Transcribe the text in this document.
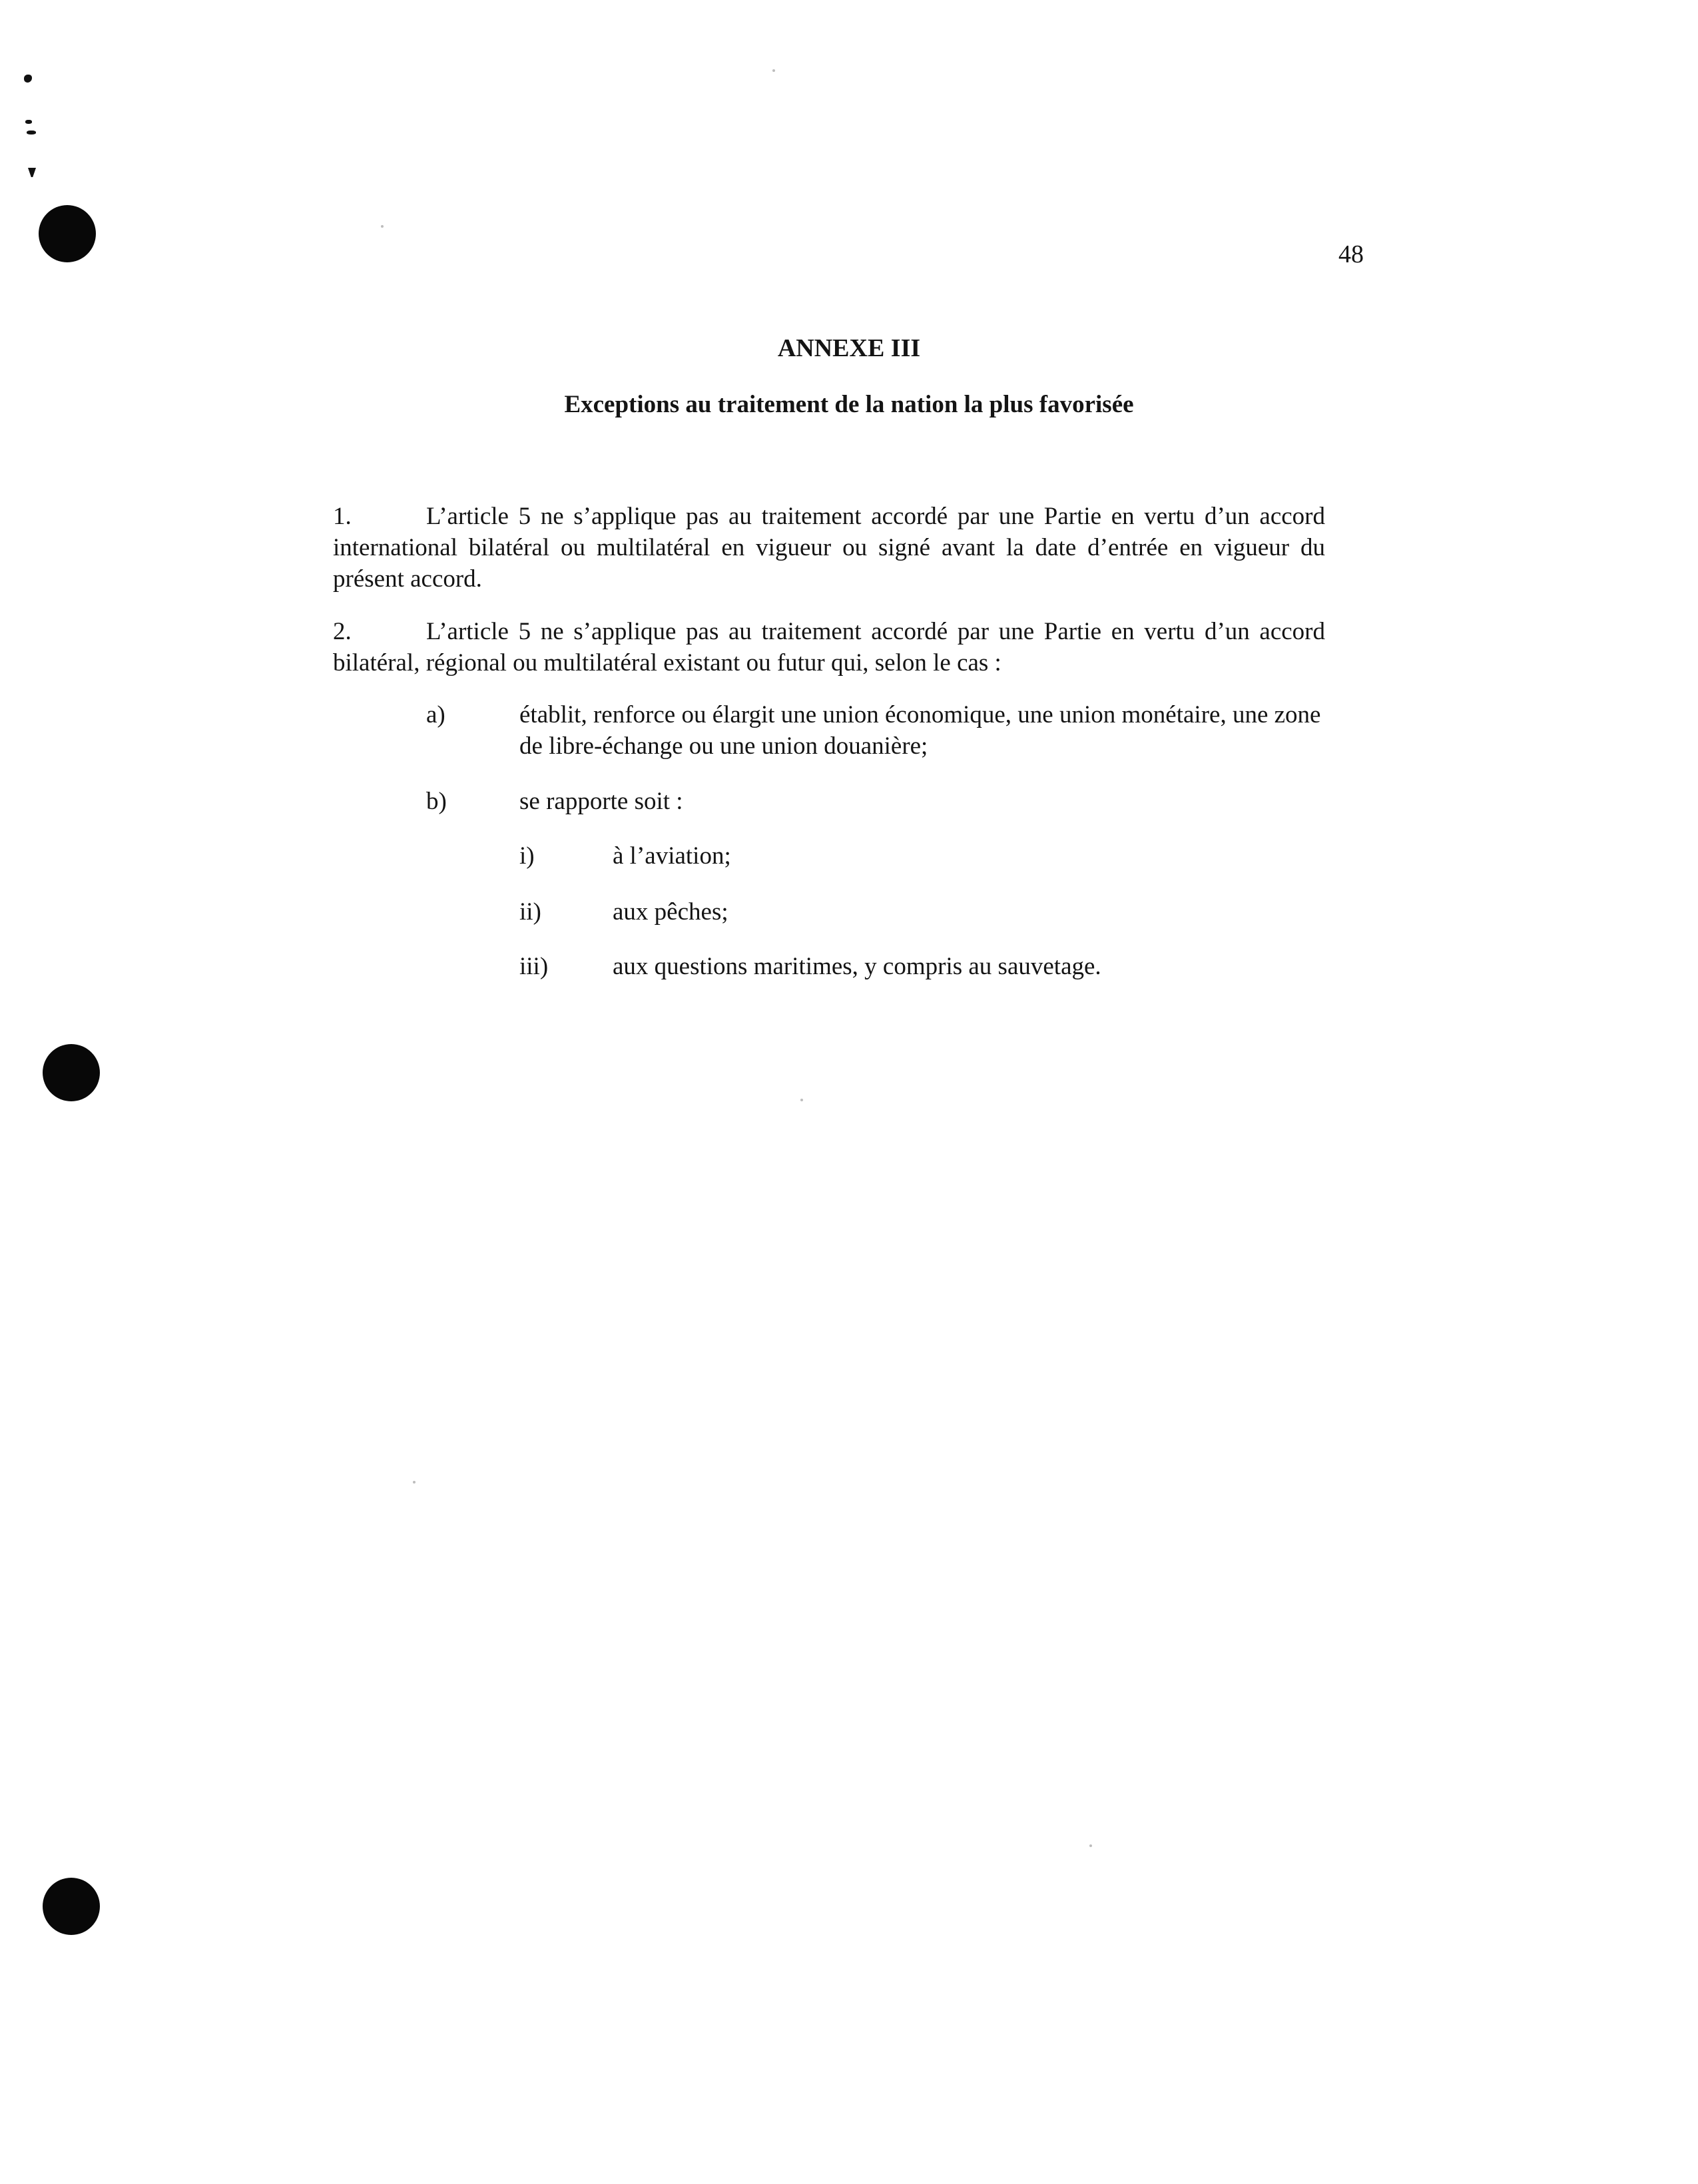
48
ANNEXE III
Exceptions au traitement de la nation la plus favorisée
1.	L’article 5 ne s’applique pas au traitement accordé par une Partie en vertu d’un accord international bilatéral ou multilatéral en vigueur ou signé avant la date d’entrée en vigueur du présent accord.
2.	L’article 5 ne s’applique pas au traitement accordé par une Partie en vertu d’un accord bilatéral, régional ou multilatéral existant ou futur qui, selon le cas :
a)	établit, renforce ou élargit une union économique, une union monétaire, une zone de libre-échange ou une union douanière;
b)	se rapporte soit :
i)	à l’aviation;
ii)	aux pêches;
iii)	aux questions maritimes, y compris au sauvetage.
